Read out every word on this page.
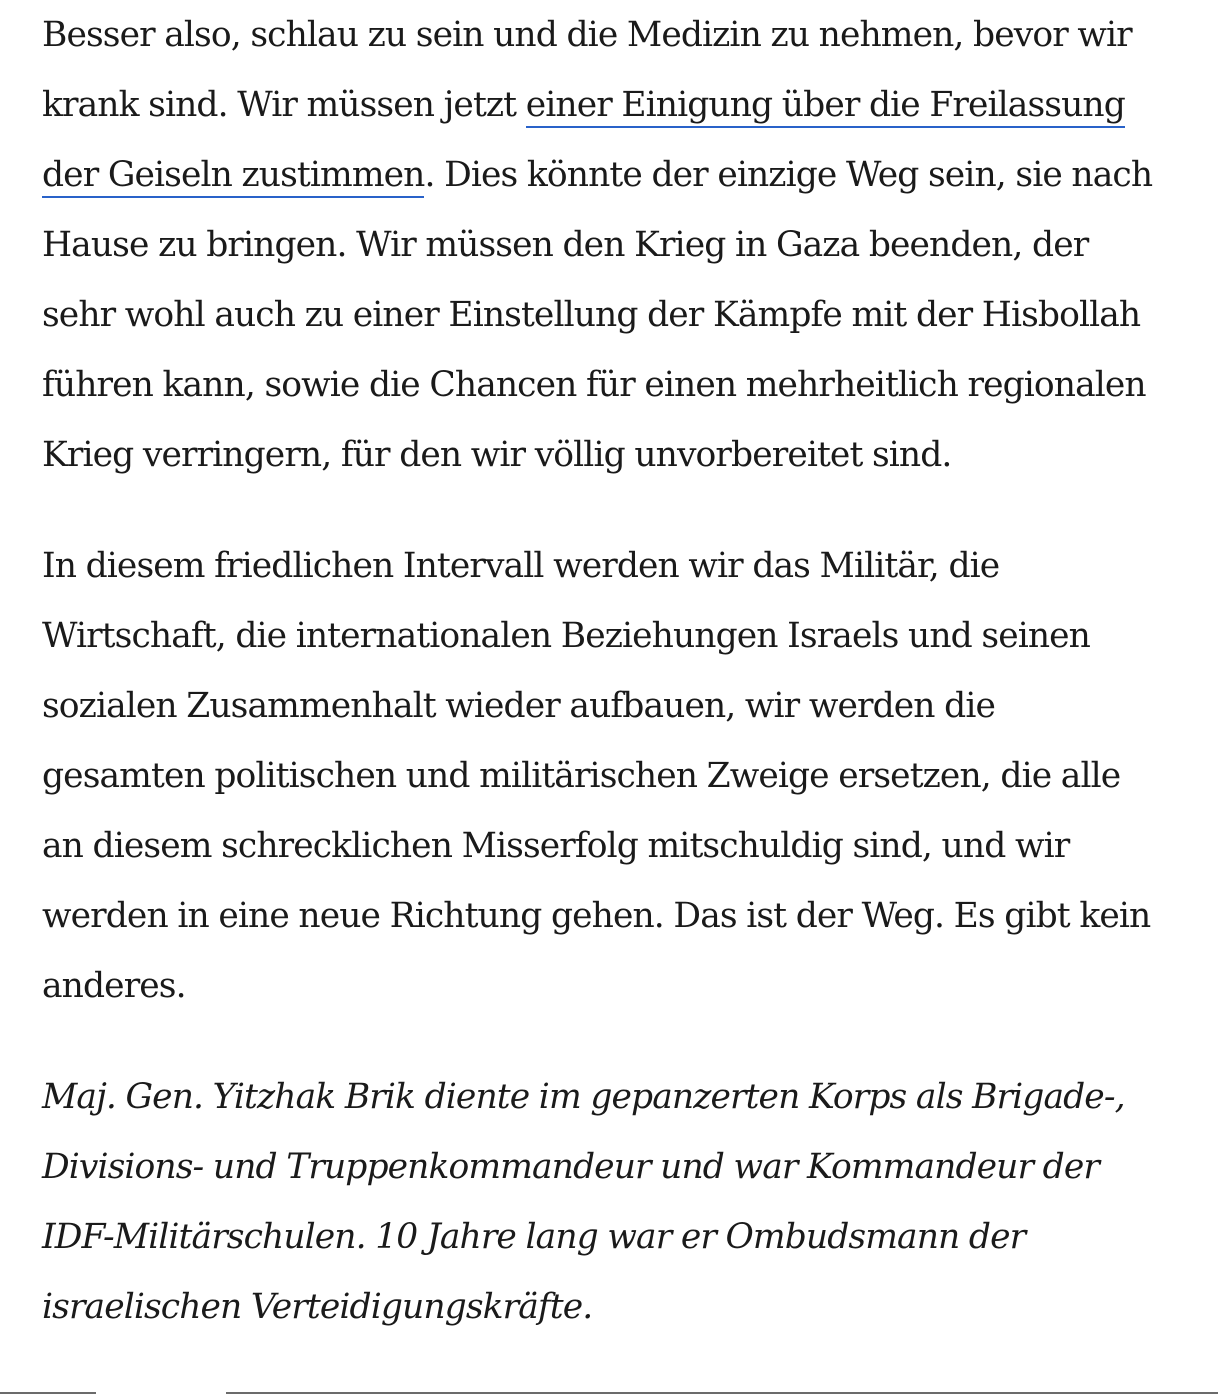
Besser also, schlau zu sein und die Medizin zu nehmen, bevor wir
krank sind. Wir müssen jetzt einer Einigung über die Freilassung
der Geiseln zustimmen. Dies könnte der einzige Weg sein, sie nach
Hause zu bringen. Wir müssen den Krieg in Gaza beenden, der
sehr wohl auch zu einer Einstellung der Kämpfe mit der Hisbollah
führen kann, sowie die Chancen für einen mehrheitlich regionalen
Krieg verringern, für den wir völlig unvorbereitet sind.

In diesem friedlichen Intervall werden wir das Militär, die
Wirtschaft, die internationalen Beziehungen Israels und seinen
sozialen Zusammenhalt wieder aufbauen, wir werden die
gesamten politischen und militärischen Zweige ersetzen, die alle
an diesem schrecklichen Misserfolg mitschuldig sind, und wir
werden in eine neue Richtung gehen. Das ist der Weg. Es gibt kein
anderes.

Maj. Gen. Yitzhak Brik diente im gepanzerten Korps als Brigade-,
Divisions- und Truppenkommandeur und war Kommandeur der
IDF-Militärschulen. 10 Jahre lang war er Ombudsmann der
israelischen Verteidigungskräfte.
